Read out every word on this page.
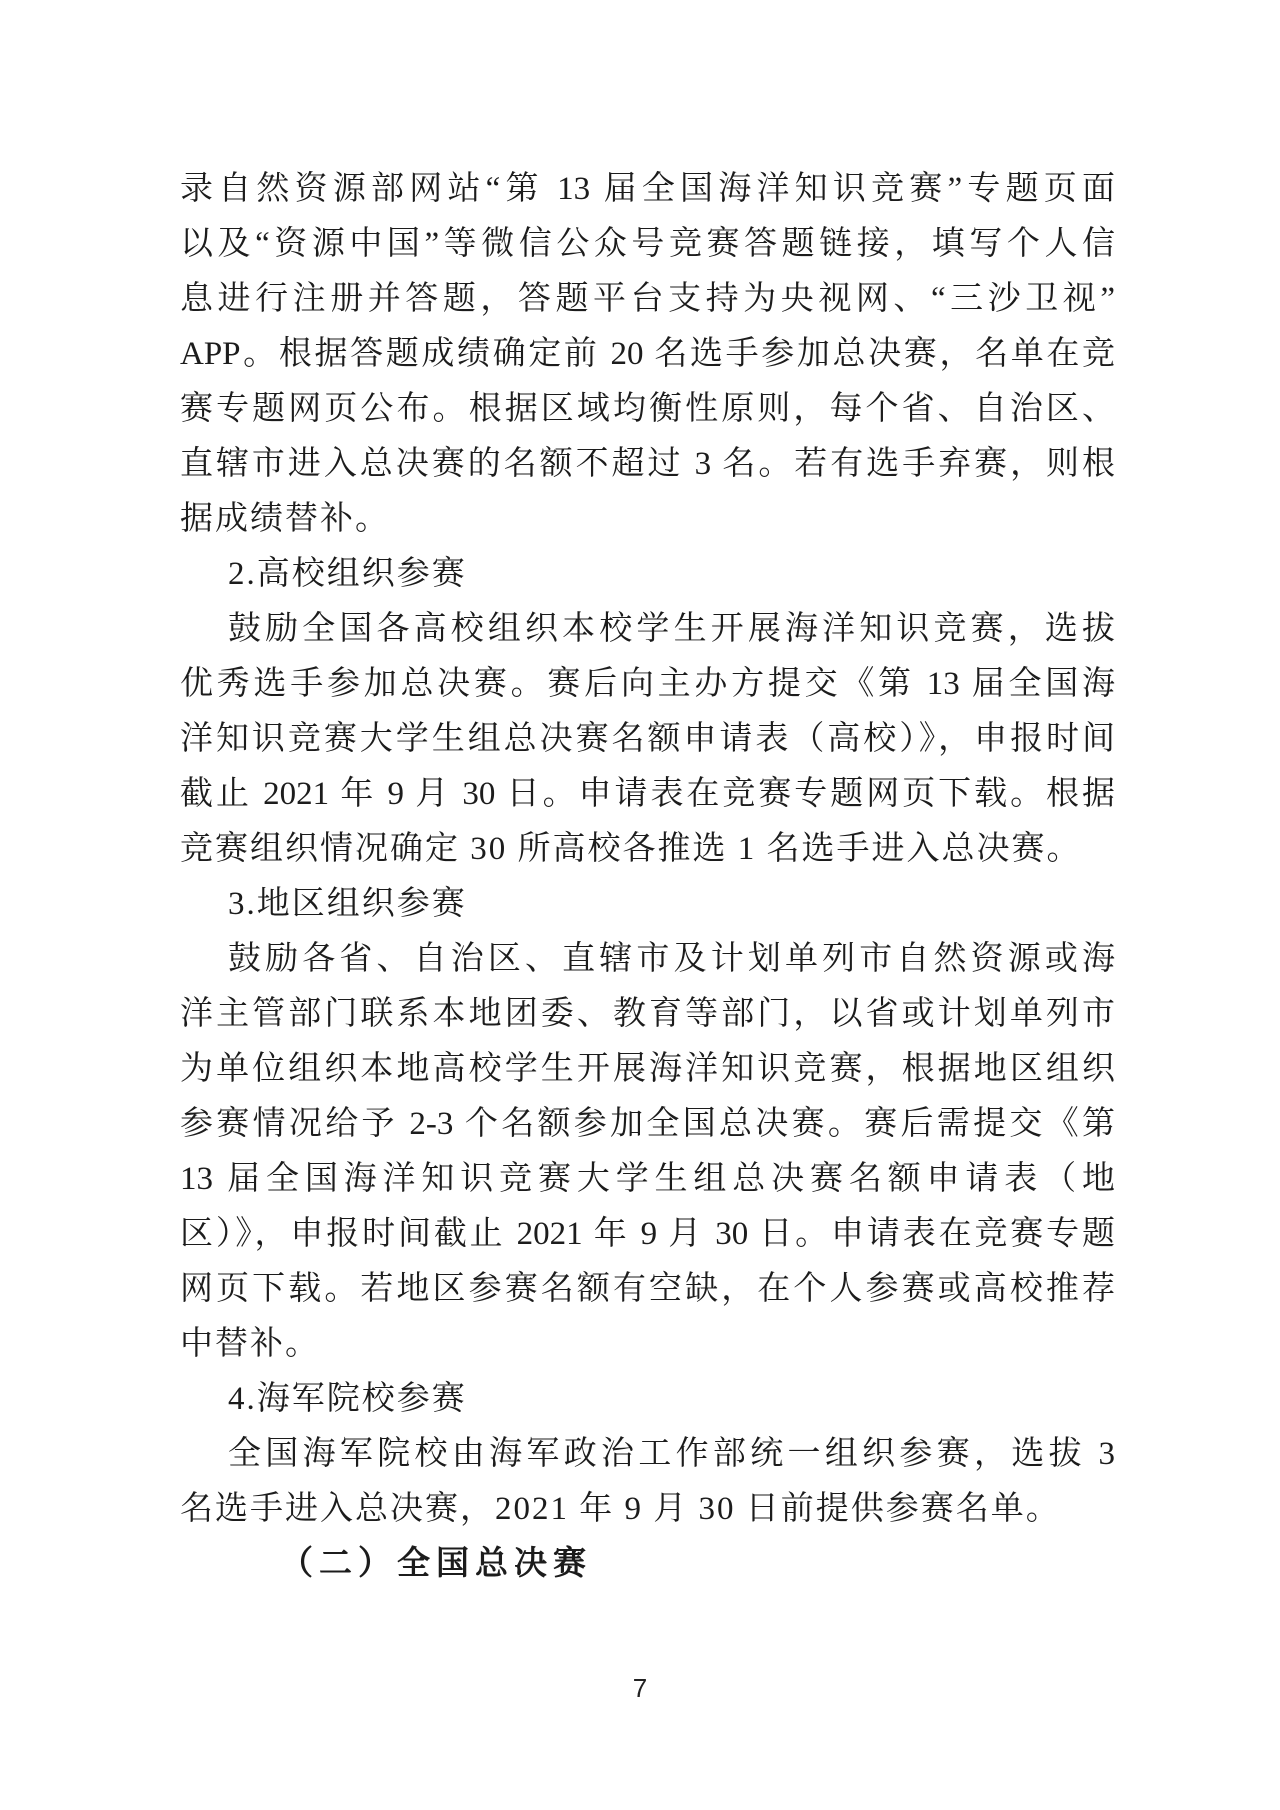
录自然资源部网站“第 13 届全国海洋知识竞赛”专题页面
以及“资源中国”等微信公众号竞赛答题链接，填写个人信
息进行注册并答题，答题平台支持为央视网、“三沙卫视”
APP。根据答题成绩确定前 20 名选手参加总决赛，名单在竞
赛专题网页公布。根据区域均衡性原则，每个省、自治区、
直辖市进入总决赛的名额不超过 3 名。若有选手弃赛，则根
据成绩替补。
2.高校组织参赛
鼓励全国各高校组织本校学生开展海洋知识竞赛，选拔
优秀选手参加总决赛。赛后向主办方提交《第 13 届全国海
洋知识竞赛大学生组总决赛名额申请表（高校）》，申报时间
截止 2021 年 9 月 30 日。申请表在竞赛专题网页下载。根据
竞赛组织情况确定 30 所高校各推选 1 名选手进入总决赛。
3.地区组织参赛
鼓励各省、自治区、直辖市及计划单列市自然资源或海
洋主管部门联系本地团委、教育等部门，以省或计划单列市
为单位组织本地高校学生开展海洋知识竞赛，根据地区组织
参赛情况给予 2-3 个名额参加全国总决赛。赛后需提交《第
13 届全国海洋知识竞赛大学生组总决赛名额申请表（地
区）》，申报时间截止 2021 年 9 月 30 日。申请表在竞赛专题
网页下载。若地区参赛名额有空缺，在个人参赛或高校推荐
中替补。
4.海军院校参赛
全国海军院校由海军政治工作部统一组织参赛，选拔 3
名选手进入总决赛，2021 年 9 月 30 日前提供参赛名单。
（二）全国总决赛
7
